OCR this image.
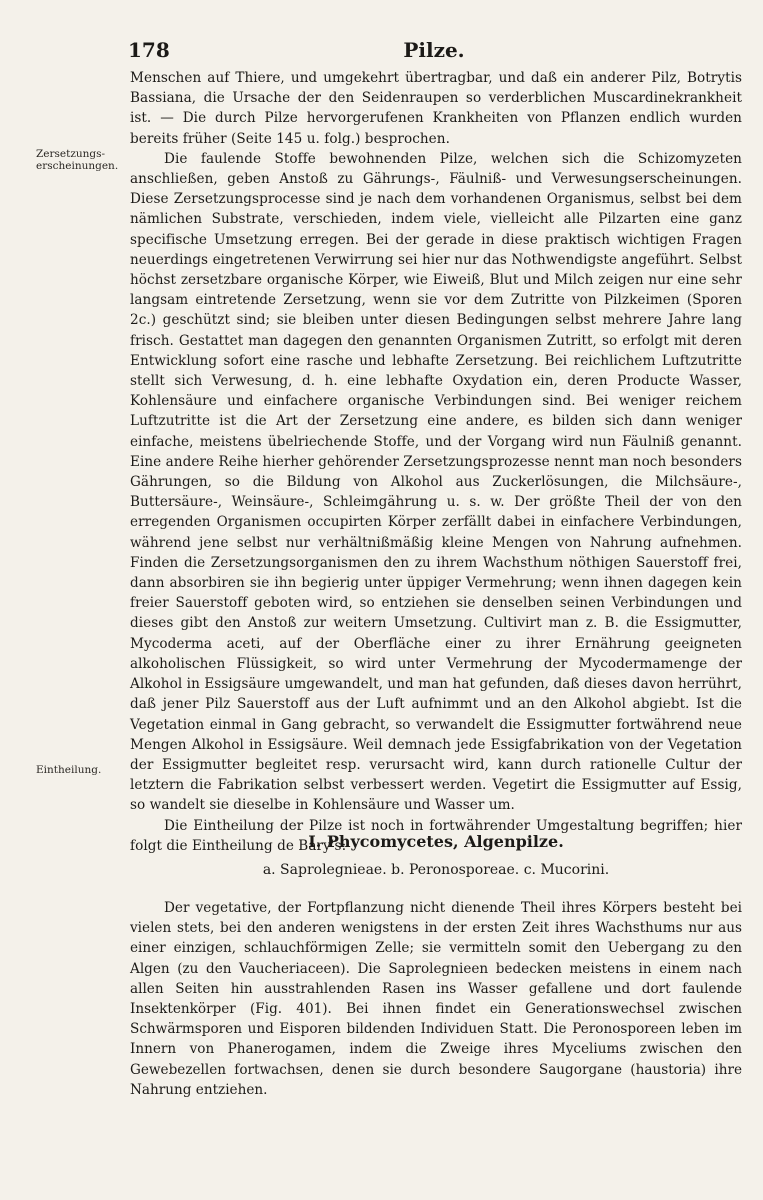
178	Pilze.
Zersetzungs-erscheinungen.
Eintheilung.

Menschen auf Thiere, und umgekehrt übertragbar, und daß ein anderer Pilz, Botrytis Bassiana, die Ursache der den Seidenraupen so verderblichen Muscardinekrankheit ist. — Die durch Pilze hervorgerufenen Krankheiten von Pflanzen endlich wurden bereits früher (Seite 145 u. folg.) besprochen.

Die faulende Stoffe bewohnenden Pilze, welchen sich die Schizomyzeten anschließen, geben Anstoß zu Gährungs-, Fäulniß- und Verwesungserscheinungen. Diese Zersetzungsprocesse sind je nach dem vorhandenen Organismus, selbst bei dem nämlichen Substrate, verschieden, indem viele, vielleicht alle Pilzarten eine ganz specifische Umsetzung erregen. Bei der gerade in diese praktisch wichtigen Fragen neuerdings eingetretenen Verwirrung sei hier nur das Nothwendigste angeführt. Selbst höchst zersetzbare organische Körper, wie Eiweiß, Blut und Milch zeigen nur eine sehr langsam eintretende Zersetzung, wenn sie vor dem Zutritte von Pilzkeimen (Sporen 2c.) geschützt sind; sie bleiben unter diesen Bedingungen selbst mehrere Jahre lang frisch. Gestattet man dagegen den genannten Organismen Zutritt, so erfolgt mit deren Entwicklung sofort eine rasche und lebhafte Zersetzung. Bei reichlichem Luftzutritte stellt sich Verwesung, d. h. eine lebhafte Oxydation ein, deren Producte Wasser, Kohlensäure und einfachere organische Verbindungen sind. Bei weniger reichem Luftzutritte ist die Art der Zersetzung eine andere, es bilden sich dann weniger einfache, meistens übelriechende Stoffe, und der Vorgang wird nun Fäulniß genannt. Eine andere Reihe hierher gehörender Zersetzungsprozesse nennt man noch besonders Gährungen, so die Bildung von Alkohol aus Zuckerlösungen, die Milchsäure-, Buttersäure-, Weinsäure-, Schleimgährung u. s. w. Der größte Theil der von den erregenden Organismen occupirten Körper zerfällt dabei in einfachere Verbindungen, während jene selbst nur verhältnißmäßig kleine Mengen von Nahrung aufnehmen. Finden die Zersetzungsorganismen den zu ihrem Wachsthum nöthigen Sauerstoff frei, dann absorbiren sie ihn begierig unter üppiger Vermehrung; wenn ihnen dagegen kein freier Sauerstoff geboten wird, so entziehen sie denselben seinen Verbindungen und dieses gibt den Anstoß zur weitern Umsetzung. Cultivirt man z. B. die Essigmutter, Mycoderma aceti, auf der Oberfläche einer zu ihrer Ernährung geeigneten alkoholischen Flüssigkeit, so wird unter Vermehrung der Mycodermamenge der Alkohol in Essigsäure umgewandelt, und man hat gefunden, daß dieses davon herrührt, daß jener Pilz Sauerstoff aus der Luft aufnimmt und an den Alkohol abgiebt. Ist die Vegetation einmal in Gang gebracht, so verwandelt die Essigmutter fortwährend neue Mengen Alkohol in Essigsäure. Weil demnach jede Essigfabrikation von der Vegetation der Essigmutter begleitet resp. verursacht wird, kann durch rationelle Cultur der letztern die Fabrikation selbst verbessert werden. Vegetirt die Essigmutter auf Essig, so wandelt sie dieselbe in Kohlensäure und Wasser um.

Die Eintheilung der Pilze ist noch in fortwährender Umgestaltung begriffen; hier folgt die Eintheilung de Bary's:

I. Phycomycetes, Algenpilze.
a. Saprolegnieae. b. Peronosporeae. c. Mucorini.

Der vegetative, der Fortpflanzung nicht dienende Theil ihres Körpers besteht bei vielen stets, bei den anderen wenigstens in der ersten Zeit ihres Wachsthums nur aus einer einzigen, schlauchförmigen Zelle; sie vermitteln somit den Uebergang zu den Algen (zu den Vaucheriaceen). Die Saprolegnieen bedecken meistens in einem nach allen Seiten hin ausstrahlenden Rasen ins Wasser gefallene und dort faulende Insektenkörper (Fig. 401). Bei ihnen findet ein Generationswechsel zwischen Schwärmsporen und Eisporen bildenden Individuen Statt. Die Peronosporeen leben im Innern von Phanerogamen, indem die Zweige ihres Myceliums zwischen den Gewebezellen fortwachsen, denen sie durch besondere Saugorgane (haustoria) ihre Nahrung entziehen.
